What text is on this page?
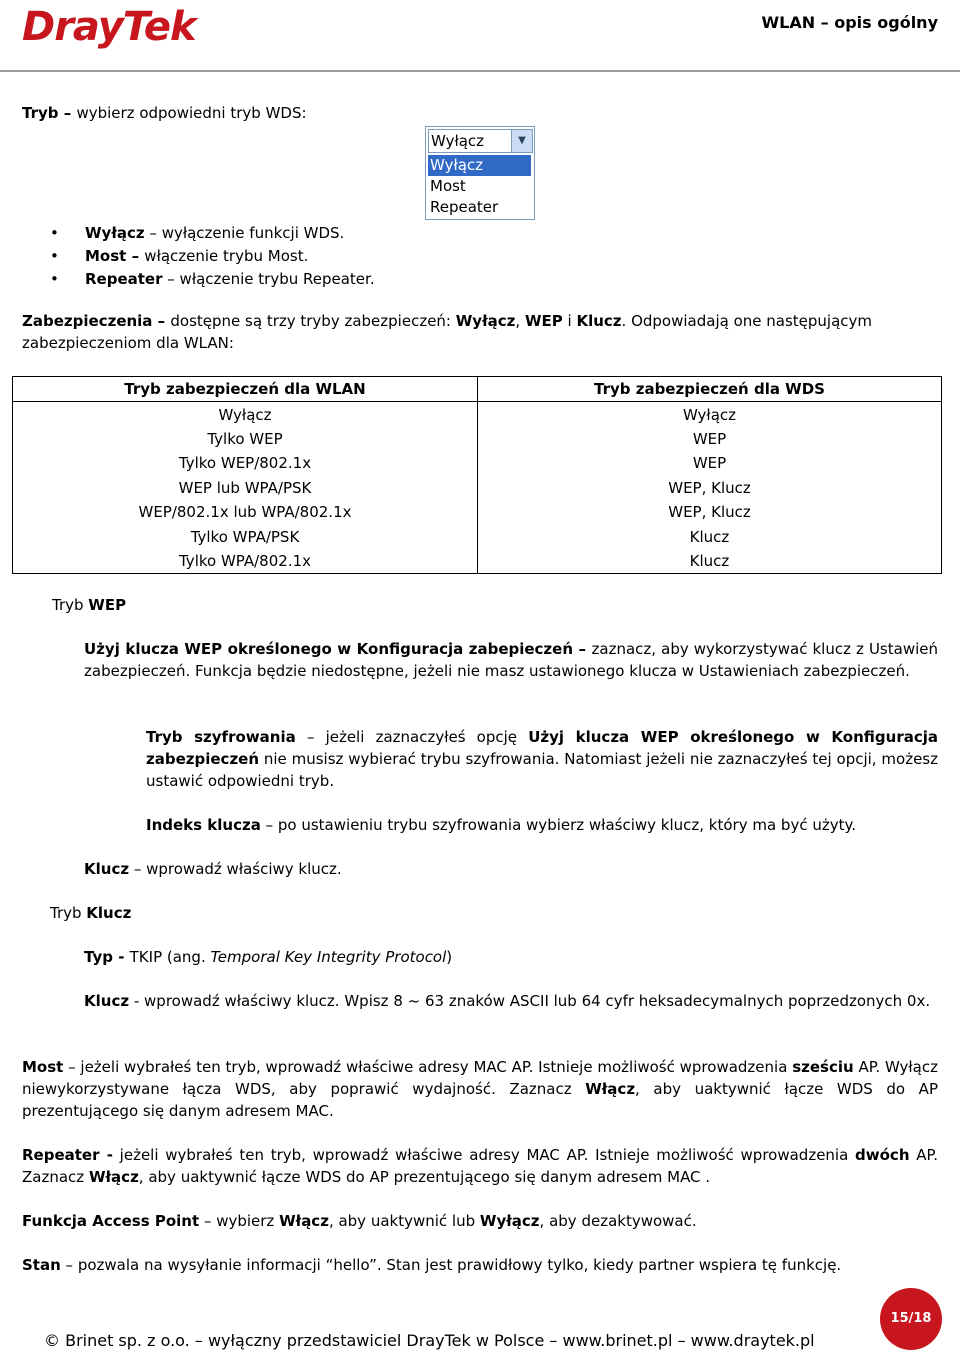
DrayTek	WLAN – opis ogólny
Tryb – wybierz odpowiedni tryb WDS:
Wyłącz	▼
Wyłącz
Most
Repeater
• Wyłącz – wyłączenie funkcji WDS.
• Most – włączenie trybu Most.
• Repeater – włączenie trybu Repeater.
Zabezpieczenia – dostępne są trzy tryby zabezpieczeń: Wyłącz, WEP i Klucz. Odpowiadają one następującym zabezpieczeniom dla WLAN:
Tryb zabezpieczeń dla WLAN	Tryb zabezpieczeń dla WDS
Wyłącz	Wyłącz
Tylko WEP	WEP
Tylko WEP/802.1x	WEP
WEP lub WPA/PSK	WEP, Klucz
WEP/802.1x lub WPA/802.1x	WEP, Klucz
Tylko WPA/PSK	Klucz
Tylko WPA/802.1x	Klucz
Tryb WEP
Użyj klucza WEP określonego w Konfiguracja zabepieczeń – zaznacz, aby wykorzystywać klucz z Ustawień zabezpieczeń. Funkcja będzie niedostępne, jeżeli nie masz ustawionego klucza w Ustawieniach zabezpieczeń.
Tryb szyfrowania – jeżeli zaznaczyłeś opcję Użyj klucza WEP określonego w Konfiguracja zabezpieczeń nie musisz wybierać trybu szyfrowania. Natomiast jeżeli nie zaznaczyłeś tej opcji, możesz ustawić odpowiedni tryb.
Indeks klucza – po ustawieniu trybu szyfrowania wybierz właściwy klucz, który ma być użyty.
Klucz – wprowadź właściwy klucz.
Tryb Klucz
Typ - TKIP (ang. Temporal Key Integrity Protocol)
Klucz - wprowadź właściwy klucz. Wpisz 8 ~ 63 znaków ASCII lub 64 cyfr heksadecymalnych poprzedzonych 0x.
Most – jeżeli wybrałeś ten tryb, wprowadź właściwe adresy MAC AP. Istnieje możliwość wprowadzenia sześciu AP. Wyłącz niewykorzystywane łącza WDS, aby poprawić wydajność. Zaznacz Włącz, aby uaktywnić łącze WDS do AP prezentującego się danym adresem MAC.
Repeater - jeżeli wybrałeś ten tryb, wprowadź właściwe adresy MAC AP. Istnieje możliwość wprowadzenia dwóch AP. Zaznacz Włącz, aby uaktywnić łącze WDS do AP prezentującego się danym adresem MAC .
Funkcja Access Point – wybierz Włącz, aby uaktywnić lub Wyłącz, aby dezaktywować.
Stan – pozwala na wysyłanie informacji “hello”. Stan jest prawidłowy tylko, kiedy partner wspiera tę funkcję.
© Brinet sp. z o.o. – wyłączny przedstawiciel DrayTek w Polsce – www.brinet.pl – www.draytek.pl
15/18
